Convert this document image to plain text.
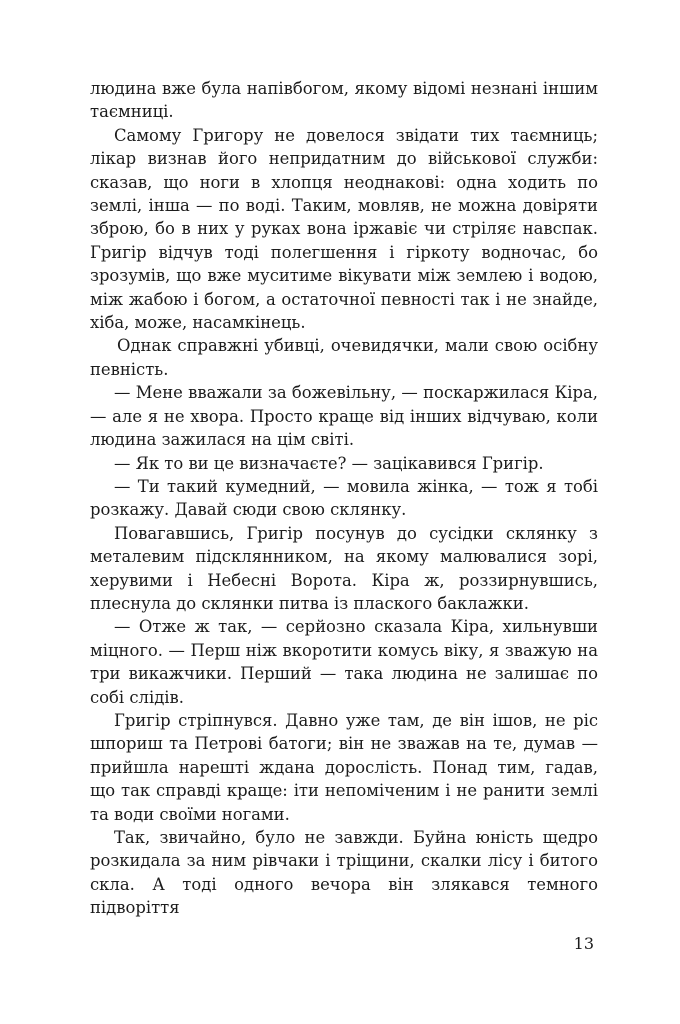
людина вже була напівбогом, якому відомі незнані іншим таємниці.

Самому Григору не довелося звідати тих таємниць; лікар визнав його непридатним до військової служби: сказав, що ноги в хлопця неоднакові: одна ходить по землі, інша — по воді. Таким, мовляв, не можна довіряти зброю, бо в них у руках вона іржавіє чи стріляє навспак. Григір відчув тоді полегшення і гіркоту водночас, бо зрозумів, що вже муситиме вікувати між землею і водою, між жабою і богом, а остаточної певності так і не знайде, хіба, може, насамкінець.

Однак справжні убивці, очевидячки, мали свою осібну певність.

— Мене вважали за божевільну, — поскаржилася Кіра, — але я не хвора. Просто краще від інших відчуваю, коли людина зажилася на цім світі.

— Як то ви це визначаєте? — зацікавився Григір.

— Ти такий кумедний, — мовила жінка, — тож я тобі розкажу. Давай сюди свою склянку.

Повагавшись, Григір посунув до сусідки склянку з металевим підсклянником, на якому малювалися зорі, херувими і Небесні Ворота. Кіра ж, роззирнувшись, плеснула до склянки питва із плаского баклажки.

— Отже ж так, — серйозно сказала Кіра, хильнувши міцного. — Перш ніж вкоротити комусь віку, я зважую на три викажчики. Перший — така людина не залишає по собі слідів.

Григір стріпнувся. Давно уже там, де він ішов, не ріс шпориш та Петрові батоги; він не зважав на те, думав — прийшла нарешті ждана дорослість. Понад тим, гадав, що так справді краще: іти непоміченим і не ранити землі та води своїми ногами.

Так, звичайно, було не завжди. Буйна юність щедро розкидала за ним рівчаки і тріщини, скалки лісу і битого скла. А тоді одного вечора він злякався темного підворіття

13
